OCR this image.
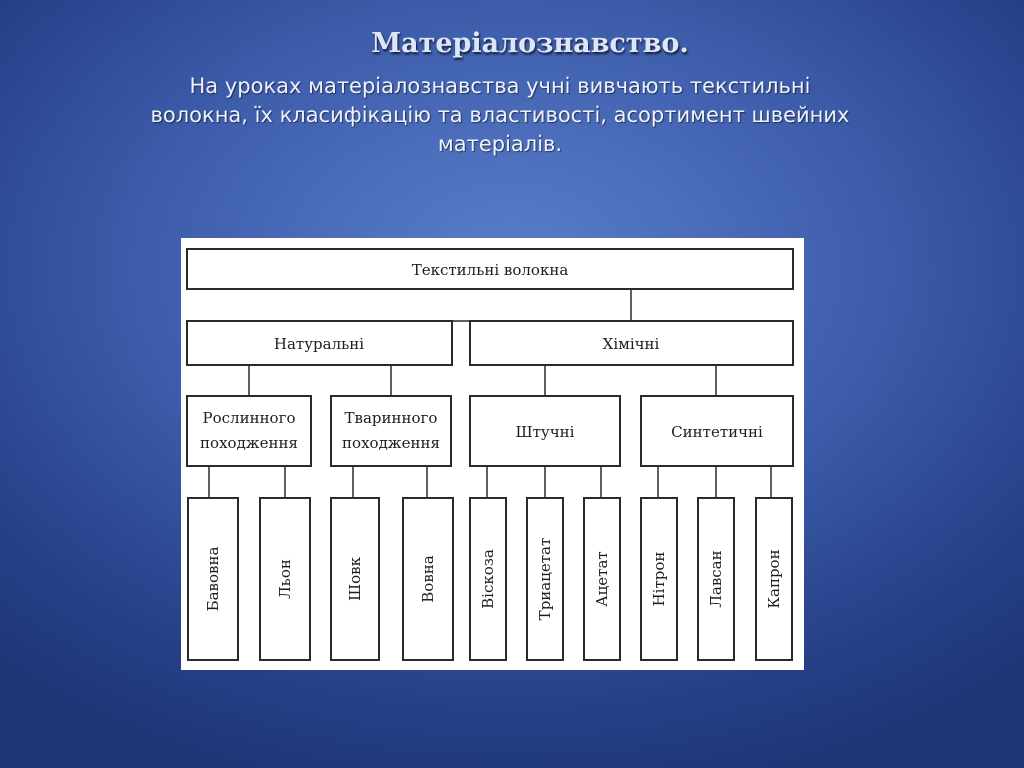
Матеріалознавство.
На уроках матеріалознавства учні вивчають текстильні волокна, їх класифікацію та властивості, асортимент швейних матеріалів.
Текстильні волокна
Натуральні	Хімічні
Рослинного
походження
Тваринного
походження
Штучні	Синтетичні
Бавовна	Льон	Шовк	Вовна	Віскоза	Триацетат	Ацетат	Нітрон	Лавсан	Капрон
